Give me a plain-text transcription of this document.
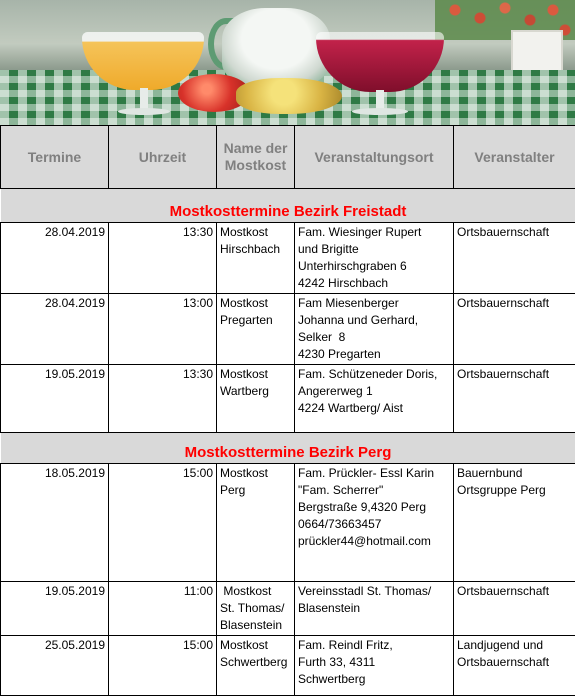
Termine	Uhrzeit	Name der Mostkost	Veranstaltungsort	Veranstalter
Mostkosttermine Bezirk Freistadt				
28.04.2019	13:30	Mostkost
Hirschbach	Fam. Wiesinger Rupert
und Brigitte
Unterhirschgraben 6
4242 Hirschbach	Ortsbauernschaft

28.04.2019	13:00	Mostkost
Pregarten	Fam Miesenberger
Johanna und Gerhard,
Selker  8
4230 Pregarten	Ortsbauernschaft

19.05.2019	13:30	Mostkost
Wartberg	Fam. Schützeneder Doris,
Angererweg 1
4224 Wartberg/ Aist	Ortsbauernschaft

Mostkosttermine Bezirk Perg				
18.05.2019	15:00	Mostkost
Perg	Fam. Prückler- Essl Karin
"Fam. Scherrer"
Bergstraße 9,4320 Perg
0664/73663457
prückler44@hotmail.com	Bauernbund
Ortsgruppe Perg

19.05.2019	11:00	Mostkost
St. Thomas/
Blasenstein	Vereinsstadl St. Thomas/
Blasenstein	Ortsbauernschaft

25.05.2019	15:00	Mostkost
Schwertberg	Fam. Reindl Fritz,
Furth 33, 4311
Schwertberg	Landjugend und
Ortsbauernschaft
